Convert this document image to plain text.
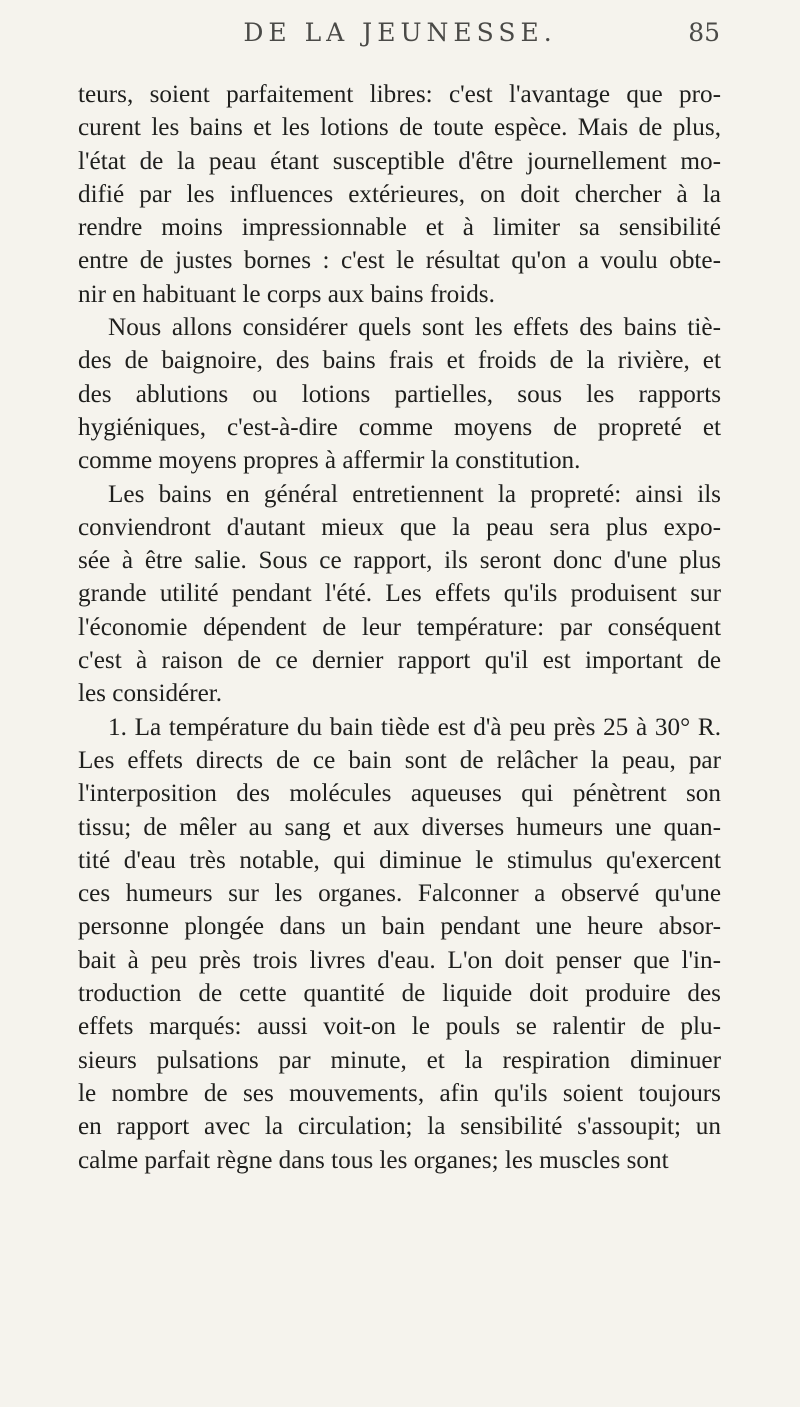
DE LA JEUNESSE.	85
teurs, soient parfaitement libres: c'est l'avantage que pro-
curent les bains et les lotions de toute espèce. Mais de plus,
l'état de la peau étant susceptible d'être journellement mo-
difié par les influences extérieures, on doit chercher à la
rendre moins impressionnable et à limiter sa sensibilité
entre de justes bornes : c'est le résultat qu'on a voulu obte-
nir en habituant le corps aux bains froids.
Nous allons considérer quels sont les effets des bains tiè-
des de baignoire, des bains frais et froids de la rivière, et
des ablutions ou lotions partielles, sous les rapports
hygiéniques, c'est-à-dire comme moyens de propreté et
comme moyens propres à affermir la constitution.
Les bains en général entretiennent la propreté: ainsi ils
conviendront d'autant mieux que la peau sera plus expo-
sée à être salie. Sous ce rapport, ils seront donc d'une plus
grande utilité pendant l'été. Les effets qu'ils produisent sur
l'économie dépendent de leur température: par conséquent
c'est à raison de ce dernier rapport qu'il est important de
les considérer.
1. La température du bain tiède est d'à peu près 25 à 30° R.
Les effets directs de ce bain sont de relâcher la peau, par
l'interposition des molécules aqueuses qui pénètrent son
tissu; de mêler au sang et aux diverses humeurs une quan-
tité d'eau très notable, qui diminue le stimulus qu'exercent
ces humeurs sur les organes. Falconner a observé qu'une
personne plongée dans un bain pendant une heure absor-
bait à peu près trois livres d'eau. L'on doit penser que l'in-
troduction de cette quantité de liquide doit produire des
effets marqués: aussi voit-on le pouls se ralentir de plu-
sieurs pulsations par minute, et la respiration diminuer
le nombre de ses mouvements, afin qu'ils soient toujours
en rapport avec la circulation; la sensibilité s'assoupit; un
calme parfait règne dans tous les organes; les muscles sont
